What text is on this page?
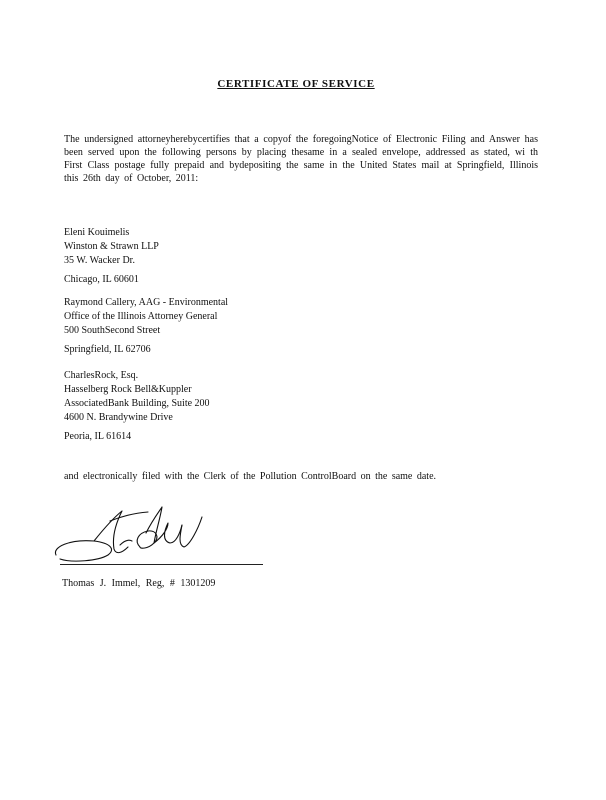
CERTIFICATE OF SERVICE
The undersigned attorneyherebycertifies that a copyof the foregoingNotice of Electronic Filing and Answer has been served upon the following persons by placing thesame in a sealed envelope, addressed as stated, wi th First Class postage fully prepaid and bydepositing the same in the United States mail at Springfield, Illinois this 26th day of October, 2011:
Eleni Kouimelis
Winston & Strawn LLP
35 W. Wacker Dr.
Chicago, IL 60601
Raymond Callery, AAG - Environmental
Office of the Illinois Attorney General
500 SouthSecond Street
Springfield, IL 62706
CharlesRock, Esq.
Hasselberg Rock Bell&Kuppler
AssociatedBank Building, Suite 200
4600 N. Brandywine Drive
Peoria, IL 61614
and electronically filed with the Clerk of the Pollution ControlBoard on the same date.
Thomas J. Immel, Reg, # 1301209
